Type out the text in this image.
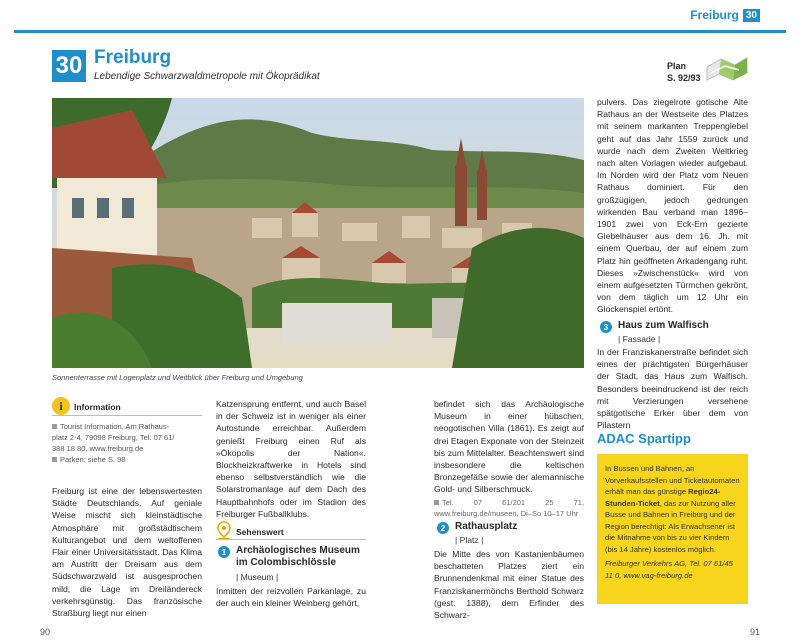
Freiburg 30
30 Freiburg
Lebendige Schwarzwaldmetropole mit Ökoprädikat
Plan
S. 92/93
Sonnenterrasse mit Logenplatz und Weitblick über Freiburg und Umgebung
i	Information
Tourist Information, Am Rathaus-
platz 2-4, 79098 Freiburg, Tel. 07 61/
388 18 80, www.freiburg.de
Parken: siehe S. 98

Freiburg ist eine der lebenswertesten Städte Deutschlands. Auf geniale Weise mischt sich kleinstädtische Atmosphäre mit großstädtischem Kulturangebot und dem weltoffenen Flair einer Universitätsstadt. Das Klima am Austritt der Dreisam aus dem Südschwarzwald ist ausgesprochen mild, die Lage im Dreiländereck verkehrsgünstig. Das französische Straßburg liegt nur einen

Katzensprung entfernt, und auch Basel in der Schweiz ist in weniger als einer Autostunde erreichbar. Außerdem genießt Freiburg einen Ruf als »Ökopolis der Nation«. Blockheizkraftwerke in Hotels sind ebenso selbstverständlich wie die Solarstromanlage auf dem Dach des Hauptbahnhofs oder im Stadion des Freiburger Fußballklubs.

Sehenswert
1 Archäologisches Museum im Colombischlössle
| Museum |

Inmitten der reizvollen Parkanlage, zu der auch ein kleiner Weinberg gehört,

befindet sich das Archäologische Museum in einer hübschen, neogotischen Villa (1861). Es zeigt auf drei Etagen Exponate von der Steinzeit bis zum Mittelalter. Beachtenswert sind insbesondere die keltischen Bronzegefäße sowie der alemannische Gold- und Silberschmuck.

Tel. 07 61/201 25 71, www.freiburg.de/museen, Di–So 10–17 Uhr

2 Rathausplatz
| Platz |

Die Mitte des von Kastanienbäumen beschatteten Platzes ziert ein Brunnendenkmal mit einer Statue des Franziskanermönchs Berthold Schwarz (gest. 1388), dem Erfinder des Schwarz-

pulvers. Das ziegelrote gotische Alte Rathaus an der Westseite des Platzes mit seinem markanten Treppengiebel geht auf das Jahr 1559 zurück und wurde nach dem Zweiten Weltkrieg nach alten Vorlagen wieder aufgebaut. Im Norden wird der Platz vom Neuen Rathaus dominiert. Für den großzügigen, jedoch gedrungen wirkenden Bau verband man 1896–1901 zwei von Eck-Ern gezierte Giebelhäuser aus dem 16. Jh. mit einem Querbau, der auf einem zum Platz hin geöffneten Arkadengang ruht. Dieses »Zwischenstück« wird von einem aufgesetzten Türmchen gekrönt, von dem täglich um 12 Uhr ein Glockenspiel ertönt.

3 Haus zum Walfisch
| Fassade |

In der Franziskanerstraße befindet sich eines der prächtigsten Bürgerhäuser der Stadt, das Haus zum Walfisch. Besonders beeindruckend ist der reich mit Verzierungen versehene spätgotische Erker über dem von Pilastern

ADAC Spartipp
In Bussen und Bahnen, an Vorverkaufsstellen und Ticketautomaten erhält man das günstige Regio24-Stunden-Ticket, das zur Nutzung aller Busse und Bahnen in Freiburg und der Region berechtigt: Als Erwachsener ist die Mitnahme von bis zu vier Kindern (bis 14 Jahre) kostenlos möglich.
Freiburger Verkehrs AG, Tel. 07 61/45 11 0, www.vag-freiburg.de
90	91
